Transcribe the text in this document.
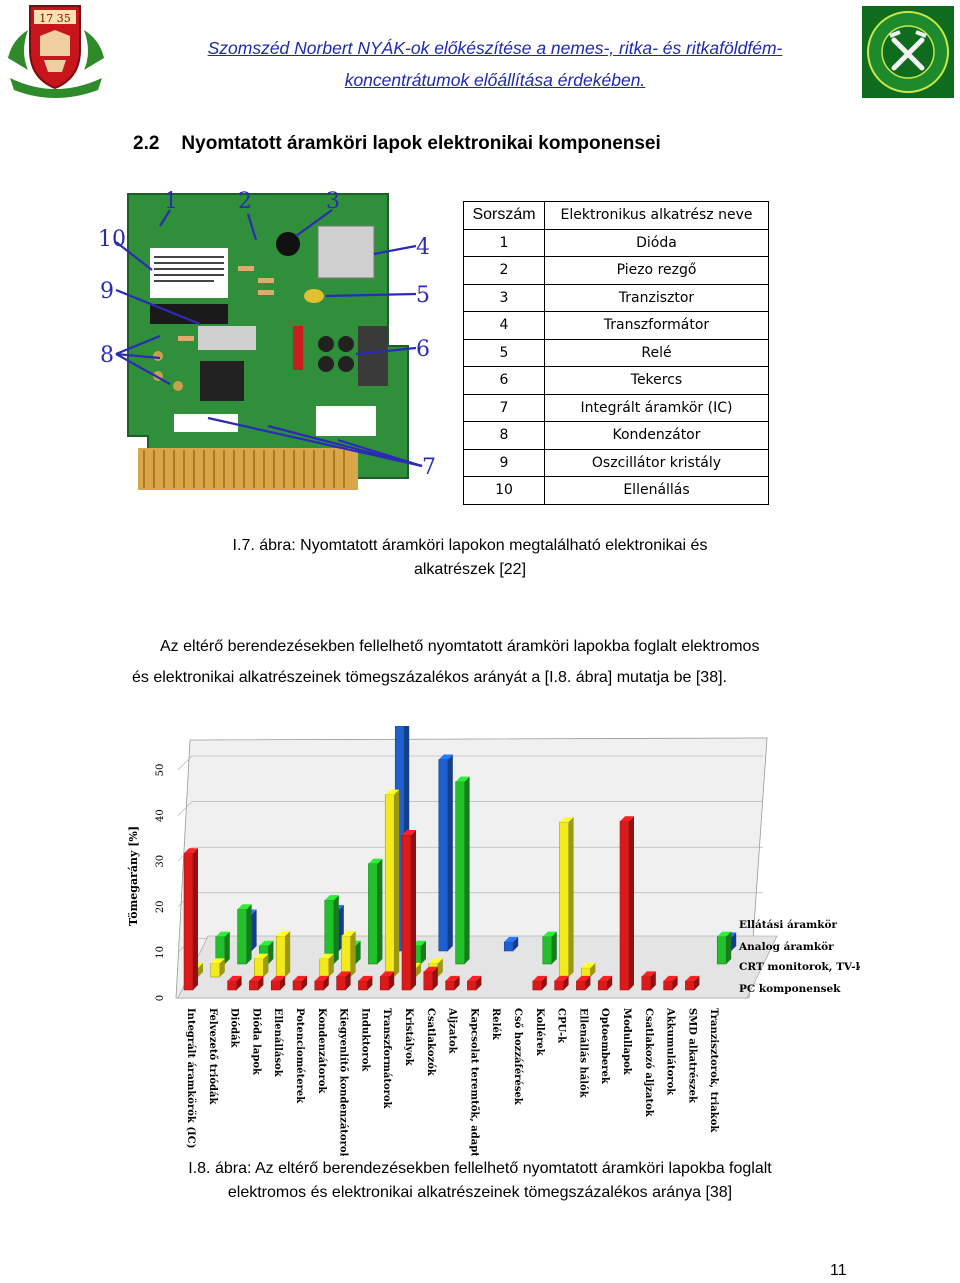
17 35
Szomszéd Norbert NYÁK-ok előkészítése a nemes-, ritka- és ritkaföldfém-
koncentrátumok előállítása érdekében.
2.2 Nyomtatott áramköri lapok elektronikai komponensei
1	2	3
4
5
6
7
8
9
10
Sorszám	Elektronikus alkatrész neve
1	Dióda
2	Piezo rezgő
3	Tranzisztor
4	Transzformátor
5	Relé
6	Tekercs
7	Integrált áramkör (IC)
8	Kondenzátor
9	Oszcillátor kristály
10	Ellenállás
I.7. ábra: Nyomtatott áramköri lapokon megtalálható elektronikai és
alkatrészek [22]
Az eltérő berendezésekben fellelhető nyomtatott áramköri lapokba foglalt elektromos
és elektronikai alkatrészeinek tömegszázalékos arányát a [I.8. ábra] mutatja be [38].
0
10
20
30
40
50
Tömegarány [%]	Ellátási áramkör
Analog áramkör
CRT monitorok, TV-k
PC komponensek
Integrált áramkörök (IC) Felvezető triódák Diódák Dióda lapok Ellenállások Potenciométerek Kondenzátorok Kiegyenlítő kondenzátorok Induktorok Transzformátorok Kristályok Csatlakozók Aljzatok Kapcsolat teremtők, adapterek Relék Cső hozzáférések Kollérek CPU-k Ellenállás hálók Optoemberek Modullapok Csatlakozó aljzatok Akkumulátorok SMD alkatrészek Tranzisztorok, triakok
I.8. ábra: Az eltérő berendezésekben fellelhető nyomtatott áramköri lapokba foglalt
elektromos és elektronikai alkatrészeinek tömegszázalékos aránya [38]
11
